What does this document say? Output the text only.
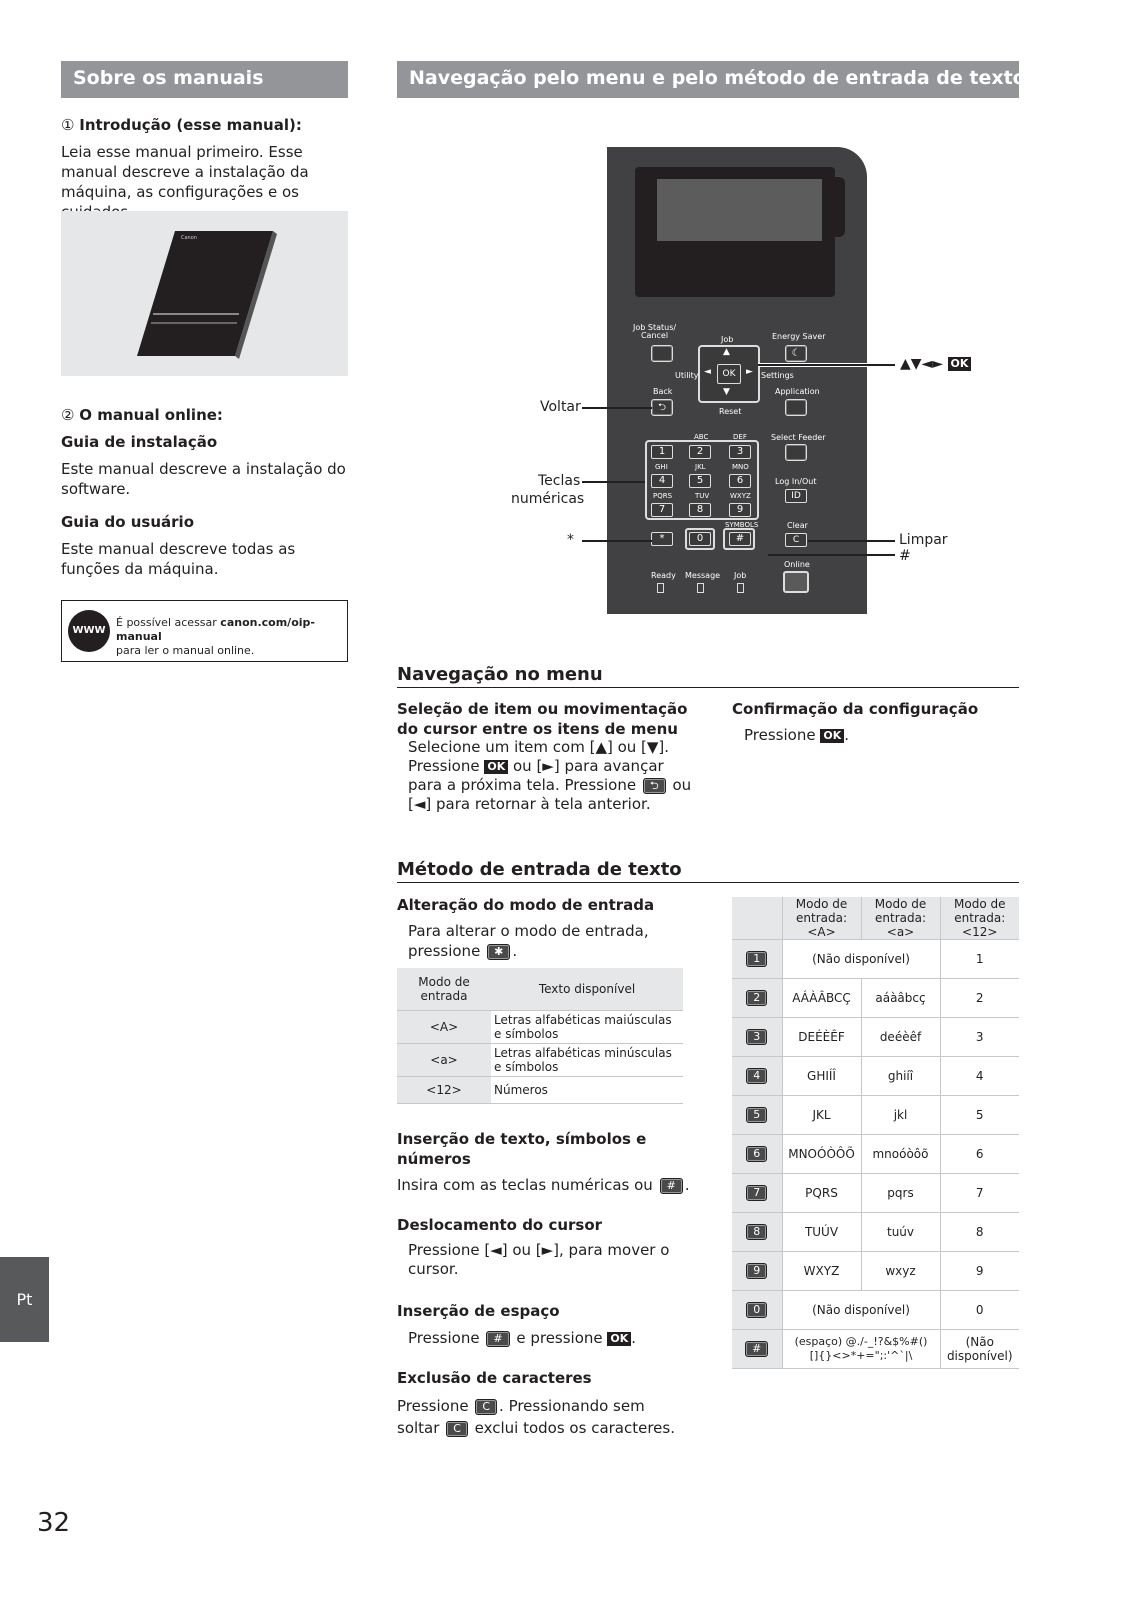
Sobre os manuais
① Introdução (esse manual):
Leia esse manual primeiro. Esse manual descreve a instalação da máquina, as configurações e os
Canon
② O manual online:
Guia de instalação
Este manual descreve a instalação do software.
Guia do usuário
Este manual descreve todas as funções da máquina.
WWW
É possível acessar canon.com/oip-manual
para ler o manual online.
Navegação pelo menu e pelo método de entrada de texto
Job Status/
Cancel	Job	Energy Saver
☾
▲
▼
◄	►
OK
Utility	Settings
Reset
Back
⮌
Application
Select Feeder
ABC	DEF
1	2	3
GHI	JKL	MNO
4	5	6
PQRS	TUV	WXYZ
7	8	9
SYMBOLS
*	0	#
Log In/Out
ID
Clear
C
Online
Ready Message Job
▲▼◄► OK
Voltar
Teclas
numéricas
*	Limpar
#
Navegação no menu
Seleção de item ou movimentação do cursor entre os itens de menu
Selecione um item com [▲] ou [▼].
Pressione OK ou [►] para avançar
para a próxima tela. Pressione ⮌ ou
[◄] para retornar à tela anterior.
Confirmação da configuração
Pressione OK .
Método de entrada de texto
Alteração do modo de entrada
Para alterar o modo de entrada,
pressione ✱ .
Modo de entrada	Texto disponível
<A>	Letras alfabéticas maiúsculas e símbolos
<a>	Letras alfabéticas minúsculas e símbolos
<12>	Números
Inserção de texto, símbolos e números
Insira com as teclas numéricas ou # .
Deslocamento do cursor
Pressione [◄] ou [►], para mover o
cursor.
Inserção de espaço
Pressione # e pressione OK .
Exclusão de caracteres
Pressione C . Pressionando sem
soltar C exclui todos os caracteres.
	Modo de entrada: <A>	Modo de entrada: <a>	Modo de entrada: <12>
1	(Não disponível)		1
2	AÁÀÂBCÇ	aáàâbcç	2
3	DEÉÈÊF	deéèêf	3
4	GHIÍÎ	ghiíî	4
5	JKL	jkl	5
6	MNOÓÒÔÕ	mnoóòôõ	6
7	PQRS	pqrs	7
8	TUÚV	tuúv	8
9	WXYZ	wxyz	9
0	(Não disponível)		0
#	(espaço) @./-_!?&$%#()[]{}<>*+=";:'^`|\		(Não disponível)
Pt
32
